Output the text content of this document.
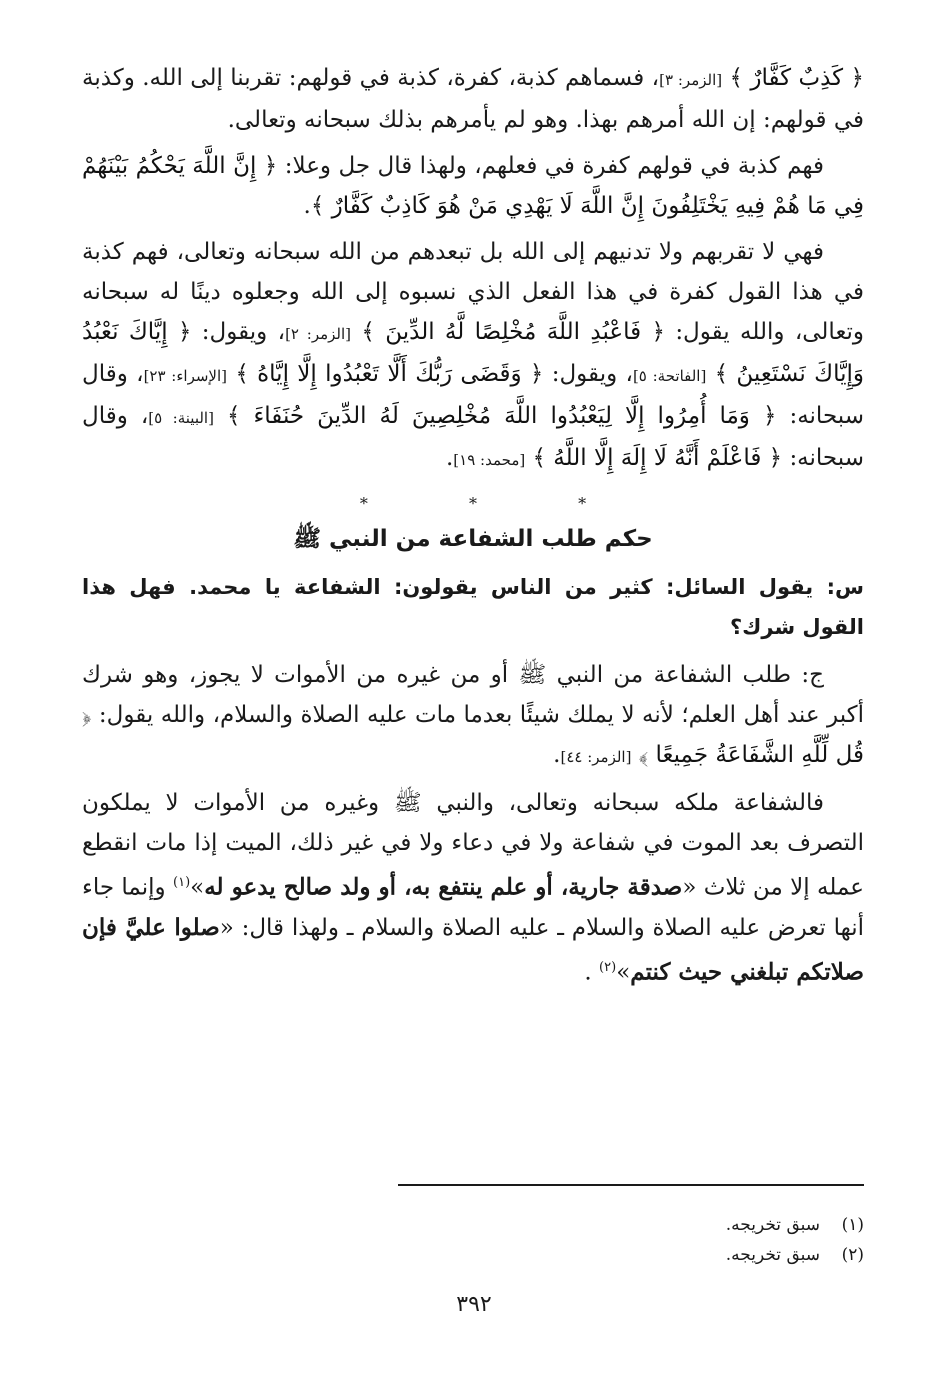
﴿ كَذِبٌ كَفَّارٌ ﴾ [الزمر: ٣]، فسماهم كذبة، كفرة، كذبة في قولهم: تقربنا إلى الله. وكذبة في قولهم: إن الله أمرهم بهذا. وهو لم يأمرهم بذلك سبحانه وتعالى.

فهم كذبة في قولهم كفرة في فعلهم، ولهذا قال جل وعلا: ﴿ إِنَّ اللَّهَ يَحْكُمُ بَيْنَهُمْ فِي مَا هُمْ فِيهِ يَخْتَلِفُونَ إِنَّ اللَّهَ لَا يَهْدِي مَنْ هُوَ كَاذِبٌ كَفَّارٌ ﴾.

فهي لا تقربهم ولا تدنيهم إلى الله بل تبعدهم من الله سبحانه وتعالى، فهم كذبة في هذا القول كفرة في هذا الفعل الذي نسبوه إلى الله وجعلوه دينًا له سبحانه وتعالى، والله يقول: ﴿ فَاعْبُدِ اللَّهَ مُخْلِصًا لَّهُ الدِّينَ ﴾ [الزمر: ٢]، ويقول: ﴿ إِيَّاكَ نَعْبُدُ وَإِيَّاكَ نَسْتَعِينُ ﴾ [الفاتحة: ٥]، ويقول: ﴿ وَقَضَى رَبُّكَ أَلَّا تَعْبُدُوا إِلَّا إِيَّاهُ ﴾ [الإسراء: ٢٣]، وقال سبحانه: ﴿ وَمَا أُمِرُوا إِلَّا لِيَعْبُدُوا اللَّهَ مُخْلِصِينَ لَهُ الدِّينَ حُنَفَاءَ ﴾ [البينة: ٥]، وقال سبحانه: ﴿ فَاعْلَمْ أَنَّهُ لَا إِلَهَ إِلَّا اللَّهُ ﴾ [محمد: ١٩].

* * *
حكم طلب الشفاعة من النبي ﷺ

س: يقول السائل: كثير من الناس يقولون: الشفاعة يا محمد. فهل هذا القول شرك؟

ج: طلب الشفاعة من النبي ﷺ أو من غيره من الأموات لا يجوز، وهو شرك أكبر عند أهل العلم؛ لأنه لا يملك شيئًا بعدما مات عليه الصلاة والسلام، والله يقول: ﴿ قُل لِّلَّهِ الشَّفَاعَةُ جَمِيعًا ﴾ [الزمر: ٤٤].

فالشفاعة ملكه سبحانه وتعالى، والنبي ﷺ وغيره من الأموات لا يملكون التصرف بعد الموت في شفاعة ولا في دعاء ولا في غير ذلك، الميت إذا مات انقطع عمله إلا من ثلاث «صدقة جارية، أو علم ينتفع به، أو ولد صالح يدعو له»$^{(١)}$ وإنما جاء أنها تعرض عليه الصلاة والسلام ـ عليه الصلاة والسلام ـ ولهذا قال: «صلوا عليَّ فإن صلاتكم تبلغني حيث كنتم»$^{(٢)}$ .

(١)سبق تخريجه.
(٢)سبق تخريجه.
٣٩٢
